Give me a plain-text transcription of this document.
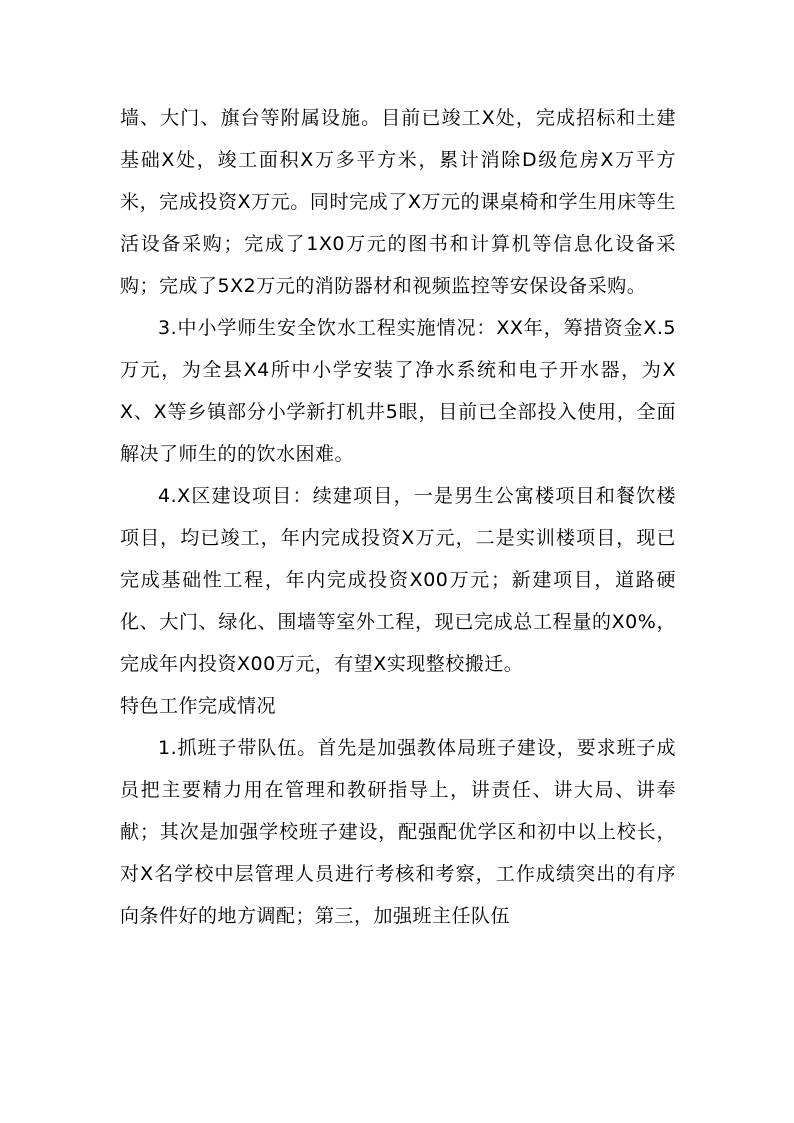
墙、大门、旗台等附属设施。目前已竣工X处，完成招标和土建基础X处，竣工面积X万多平方米，累计消除D级危房X万平方米，完成投资X万元。同时完成了X万元的课桌椅和学生用床等生活设备采购；完成了1X0万元的图书和计算机等信息化设备采购；完成了5X2万元的消防器材和视频监控等安保设备采购。

3.中小学师生安全饮水工程实施情况：XX年，筹措资金X.5万元，为全县X4所中小学安装了净水系统和电子开水器，为XX、X等乡镇部分小学新打机井5眼，目前已全部投入使用，全面解决了师生的的饮水困难。

4.X区建设项目：续建项目，一是男生公寓楼项目和餐饮楼项目，均已竣工，年内完成投资X万元，二是实训楼项目，现已完成基础性工程，年内完成投资X00万元；新建项目，道路硬化、大门、绿化、围墙等室外工程，现已完成总工程量的X0%，完成年内投资X00万元，有望X实现整校搬迁。

特色工作完成情况

1.抓班子带队伍。首先是加强教体局班子建设，要求班子成员把主要精力用在管理和教研指导上，讲责任、讲大局、讲奉献；其次是加强学校班子建设，配强配优学区和初中以上校长，对X名学校中层管理人员进行考核和考察，工作成绩突出的有序向条件好的地方调配；第三，加强班主任队伍
